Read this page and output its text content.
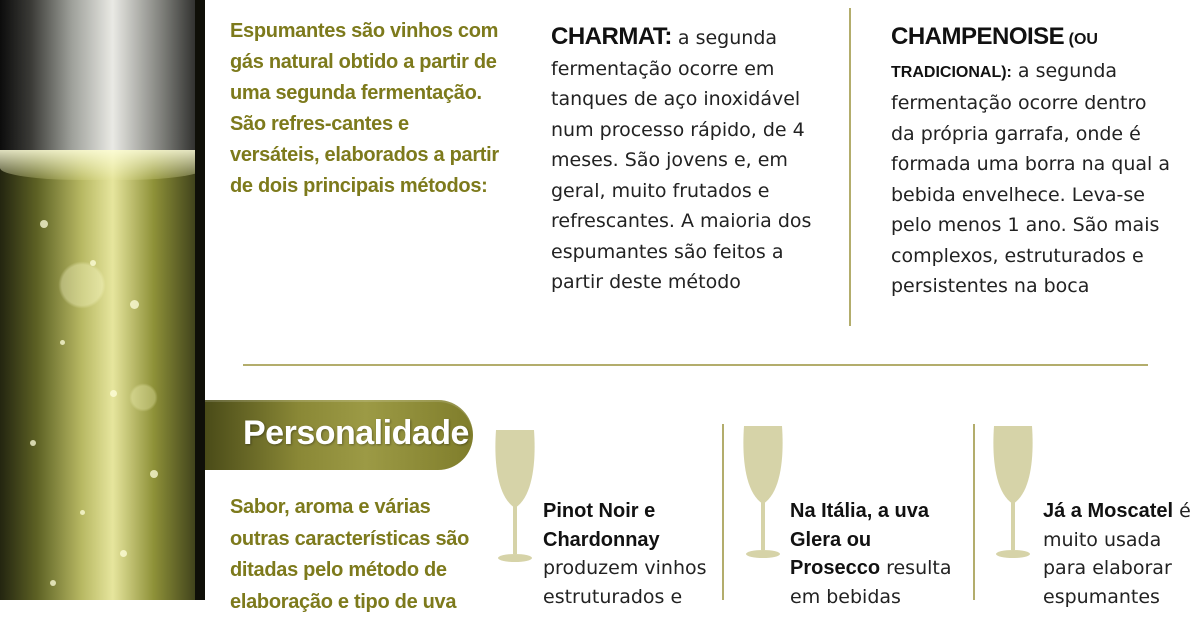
Espumantes são vinhos com gás natural obtido a partir de uma segunda fermentação. São refres-cantes e versáteis, elaborados a partir de dois principais métodos:

CHARMAT: a segunda fermentação ocorre em tanques de aço inoxidável num processo rápido, de 4 meses. São jovens e, em geral, muito frutados e refrescantes. A maioria dos espumantes são feitos a partir deste método

CHAMPENOISE (OU TRADICIONAL): a segunda fermentação ocorre dentro da própria garrafa, onde é formada uma borra na qual a bebida envelhece. Leva-se pelo menos 1 ano. São mais complexos, estruturados e persistentes na boca

Personalidade

Sabor, aroma e várias outras características são ditadas pelo método de elaboração e tipo de uva

Pinot Noir e Chardonnay produzem vinhos estruturados e

Na Itália, a uva Glera ou Prosecco resulta em bebidas

Já a Moscatel é muito usada para elaborar espumantes
